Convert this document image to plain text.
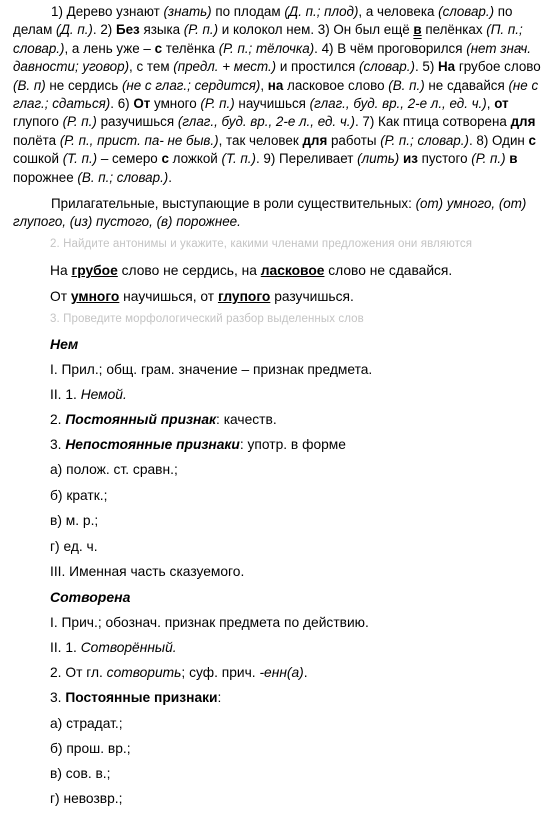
1) Дерево узнают (знать) по плодам (Д. п.; плод), а человека (словар.) по делам (Д. п.). 2) Без языка (Р. п.) и колокол нем. 3) Он был ещё в пелёнках (П. п.; словар.), а лень уже – с телёнка (Р. п.; тёлочка). 4) В чём проговорился (нет знач. давности; уговор), с тем (предл. + мест.) и простился (словар.). 5) На грубое слово (В. п) не сердись (не с глаг.; сердится), на ласковое слово (В. п.) не сдавайся (не с глаг.; сдаться). 6) От умного (Р. п.) научишься (глаг., буд. вр., 2-е л., ед. ч.), от глупого (Р. п.) разучишься (глаг., буд. вр., 2-е л., ед. ч.). 7) Как птица сотворена для полёта (Р. п., прист. па- не быв.), так человек для работы (Р. п.; словар.). 8) Один с сошкой (Т. п.) – семеро с ложкой (Т. п.). 9) Переливает (лить) из пустого (Р. п.) в порожнее (В. п.; словар.).
Прилагательные, выступающие в роли существительных: (от) умного, (от) глупого, (из) пустого, (в) порожнее.
2. Найдите антонимы и укажите, какими членами предложения они являются
На грубое слово не сердись, на ласковое слово не сдавайся.
От умного научишься, от глупого разучишься.
3. Проведите морфологический разбор выделенных слов
Нем
I. Прил.; общ. грам. значение – признак предмета.
II. 1. Немой.
2. Постоянный признак: качеств.
3. Непостоянные признаки: употр. в форме
а) полож. ст. сравн.;
б) кратк.;
в) м. р.;
г) ед. ч.
III. Именная часть сказуемого.
Сотворена
I. Прич.; обознач. признак предмета по действию.
II. 1. Сотворённый.
2. От гл. сотворить; суф. прич. -енн(а).
3. Постоянные признаки:
а) страдат.;
б) прош. вр.;
в) сов. в.;
г) невозвр.;
